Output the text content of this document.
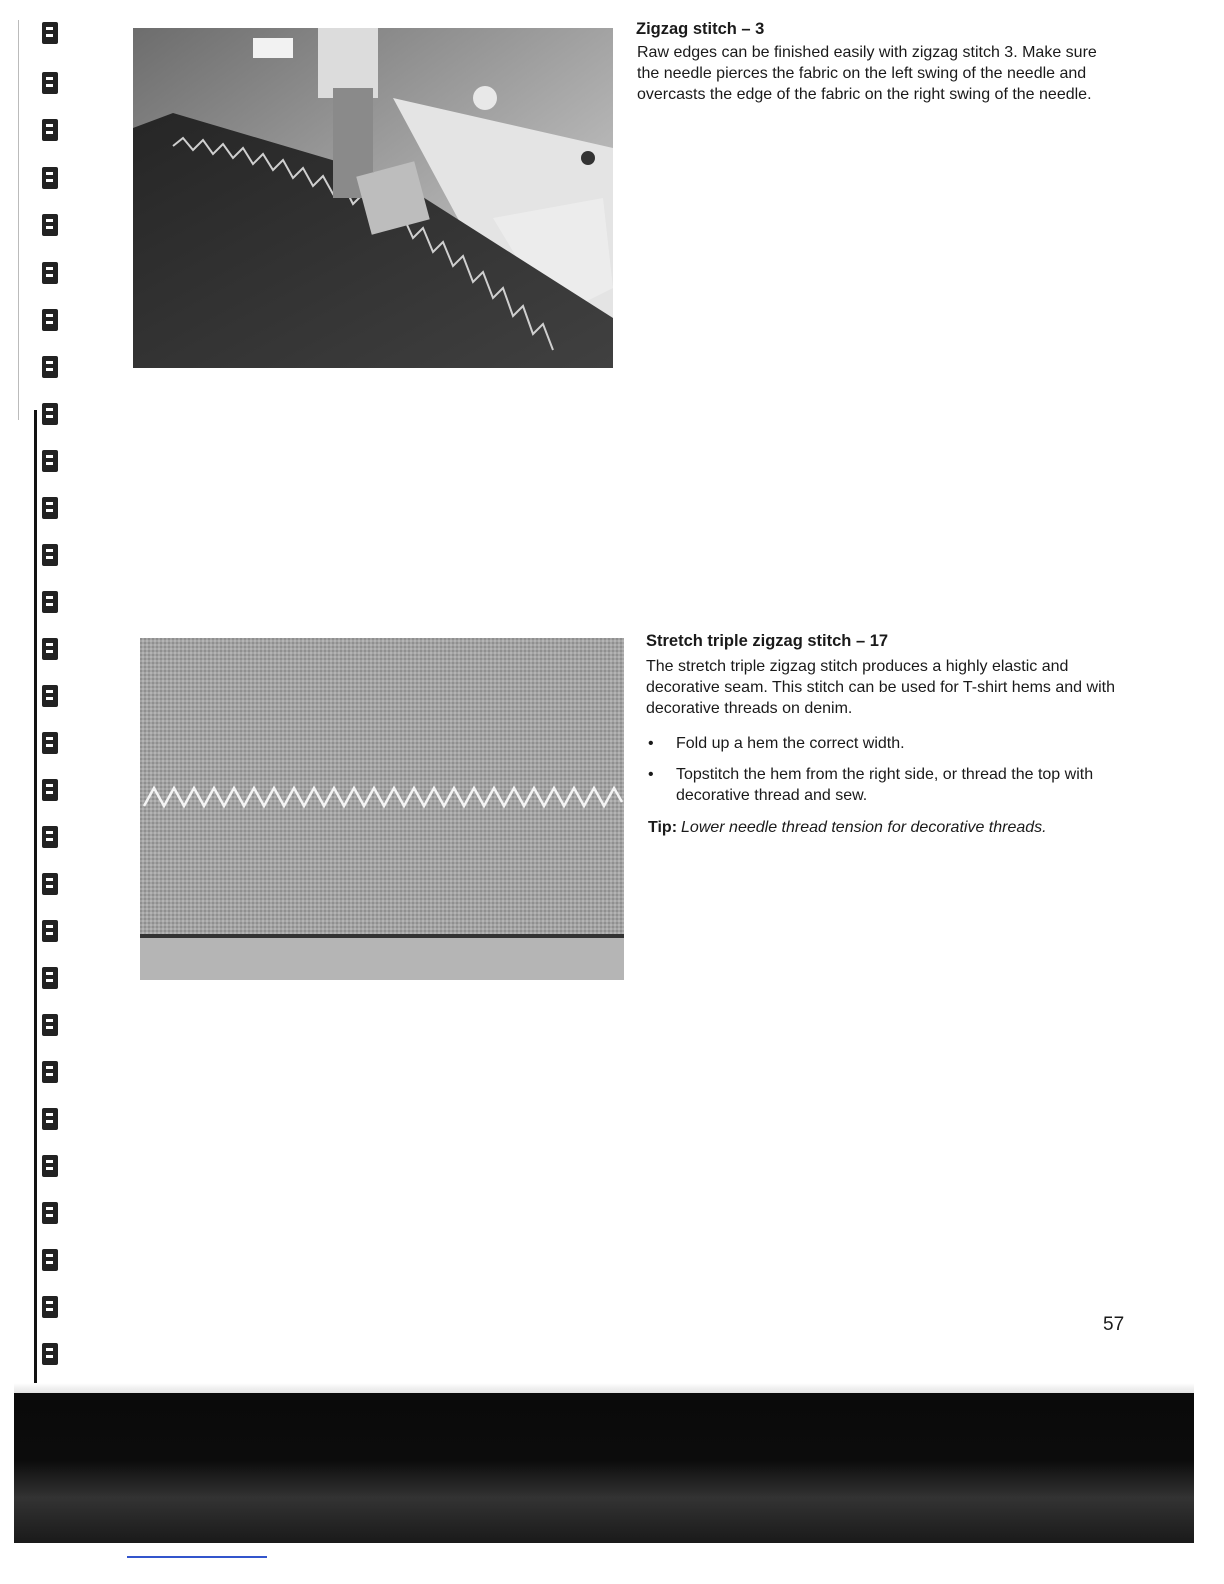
Zigzag stitch – 3

Raw edges can be finished easily with zigzag stitch 3. Make sure the needle pierces the fabric on the left swing of the needle and overcasts the edge of the fabric on the right swing of the needle.

Stretch triple zigzag stitch – 17

The stretch triple zigzag stitch produces a highly elastic and decorative seam. This stitch can be used for T-shirt hems and with decorative threads on denim.

• Fold up a hem the correct width.
• Topstitch the hem from the right side, or thread the top with decorative thread and sew.
Tip: Lower needle thread tension for decorative threads.
57
